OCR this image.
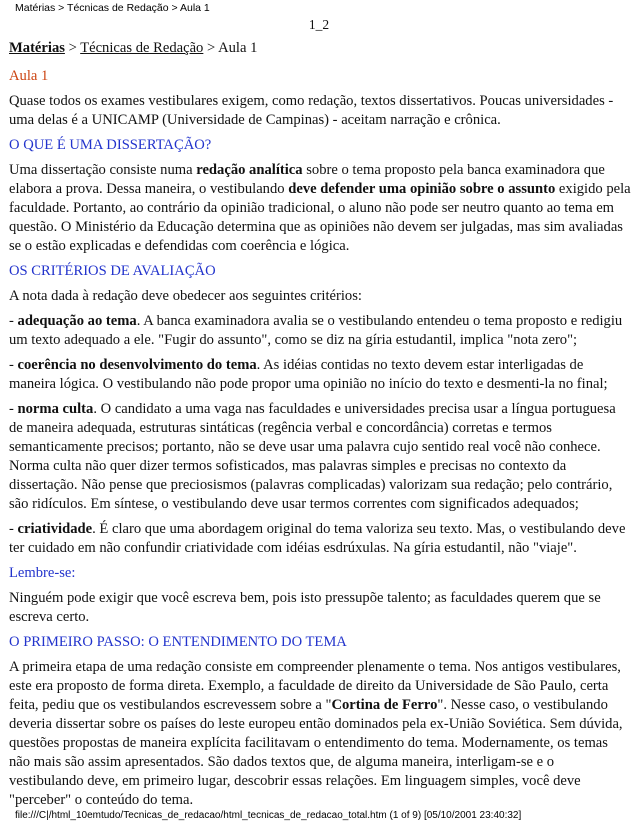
Matérias > Técnicas de Redação > Aula 1
1_2
Matérias > Técnicas de Redação > Aula 1
Aula 1

Quase todos os exames vestibulares exigem, como redação, textos dissertativos. Poucas universidades - uma delas é a UNICAMP (Universidade de Campinas) - aceitam narração e crônica.

O QUE É UMA DISSERTAÇÃO?

Uma dissertação consiste numa redação analítica sobre o tema proposto pela banca examinadora que elabora a prova. Dessa maneira, o vestibulando deve defender uma opinião sobre o assunto exigido pela faculdade. Portanto, ao contrário da opinião tradicional, o aluno não pode ser neutro quanto ao tema em questão. O Ministério da Educação determina que as opiniões não devem ser julgadas, mas sim avaliadas se o estão explicadas e defendidas com coerência e lógica.

OS CRITÉRIOS DE AVALIAÇÃO

A nota dada à redação deve obedecer aos seguintes critérios:

- adequação ao tema. A banca examinadora avalia se o vestibulando entendeu o tema proposto e redigiu um texto adequado a ele. "Fugir do assunto", como se diz na gíria estudantil, implica "nota zero";

- coerência no desenvolvimento do tema. As idéias contidas no texto devem estar interligadas de maneira lógica. O vestibulando não pode propor uma opinião no início do texto e desmenti-la no final;

- norma culta. O candidato a uma vaga nas faculdades e universidades precisa usar a língua portuguesa de maneira adequada, estruturas sintáticas (regência verbal e concordância) corretas e termos semanticamente precisos; portanto, não se deve usar uma palavra cujo sentido real você não conhece. Norma culta não quer dizer termos sofisticados, mas palavras simples e precisas no contexto da dissertação. Não pense que preciosismos (palavras complicadas) valorizam sua redação; pelo contrário, são ridículos. Em síntese, o vestibulando deve usar termos correntes com significados adequados;

- criatividade. É claro que uma abordagem original do tema valoriza seu texto. Mas, o vestibulando deve ter cuidado em não confundir criatividade com idéias esdrúxulas. Na gíria estudantil, não "viaje".

Lembre-se:

Ninguém pode exigir que você escreva bem, pois isto pressupõe talento; as faculdades querem que se escreva certo.

O PRIMEIRO PASSO: O ENTENDIMENTO DO TEMA

A primeira etapa de uma redação consiste em compreender plenamente o tema. Nos antigos vestibulares, este era proposto de forma direta. Exemplo, a faculdade de direito da Universidade de São Paulo, certa feita, pediu que os vestibulandos escrevessem sobre a "Cortina de Ferro". Nesse caso, o vestibulando deveria dissertar sobre os países do leste europeu então dominados pela ex-União Soviética. Sem dúvida, questões propostas de maneira explícita facilitavam o entendimento do tema. Modernamente, os temas não mais são assim apresentados. São dados textos que, de alguma maneira, interligam-se e o vestibulando deve, em primeiro lugar, descobrir essas relações. Em linguagem simples, você deve "perceber" o conteúdo do tema.

file:///C|/html_10emtudo/Tecnicas_de_redacao/html_tecnicas_de_redacao_total.htm (1 of 9) [05/10/2001 23:40:32]
